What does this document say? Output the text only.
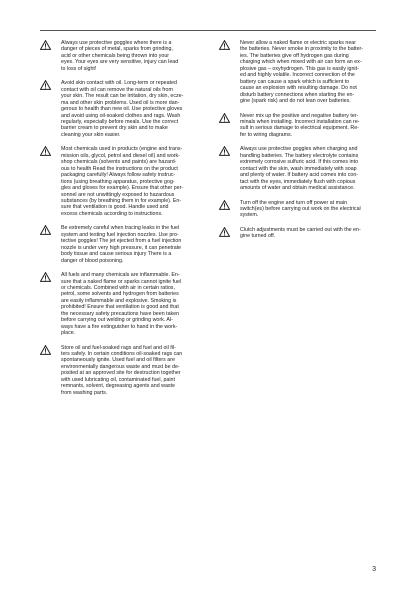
Always use protective goggles where there is a
danger of pieces of metal, sparks from grinding,
acid or other chemicals being thrown into your
eyes. Your eyes are very sensitive, injury can lead
to loss of sight!
Avoid skin contact with oil. Long-term or repeated
contact with oil can remove the natural oils from
your skin. The result can be irritation, dry skin, ecze-
ma and other skin problems. Used oil is more dan-
gerous to health than new oil. Use protective gloves
and avoid using oil-soaked clothes and rags. Wash
regularly, especially before meals. Use the correct
barrier cream to prevent dry skin and to make
cleaning your skin easier.
Most chemicals used in products (engine and trans-
mission oils, glycol, petrol and diesel oil) and work-
shop chemicals (solvents and paints) are hazard-
ous to health Read the instructions on the product
packaging carefully! Always follow safety instruc-
tions (using breathing apparatus, protective gog-
gles and gloves for example). Ensure that other per-
sonnel are not unwittingly exposed to hazardous
substances (by breathing them in for example). En-
sure that ventilation is good. Handle used and
excess chemicals according to instructions.
Be extremely careful when tracing leaks in the fuel
system and testing fuel injection nozzles. Use pro-
tective goggles! The jet ejected from a fuel injection
nozzle is under very high pressure, it can penetrate
body tissue and cause serious injury There is a
danger of blood poisoning.
All fuels and many chemicals are inflammable. En-
sure that a naked flame or sparks cannot ignite fuel
or chemicals. Combined with air in certain ratios,
petrol, some solvents and hydrogen from batteries
are easily inflammable and explosive. Smoking is
prohibited! Ensure that ventilation is good and that
the necessary safety precautions have been taken
before carrying out welding or grinding work. Al-
ways have a fire extinguisher to hand in the work-
place.
Store oil and fuel-soaked rags and fuel and oil fil-
ters safely. In certain conditions oil-soaked rags can
spontaneously ignite. Used fuel and oil filters are
environmentally dangerous waste and must be de-
posited at an approved site for destruction together
with used lubricating oil, contaminated fuel, paint
remnants, solvent, degreasing agents and waste
from washing parts.
Never allow a naked flame or electric sparks near
the batteries. Never smoke in proximity to the batter-
ies. The batteries give off hydrogen gas during
charging which when mixed with air can form an ex-
plosive gas – oxyhydrogen. This gas is easily ignit-
ed and highly volatile. Incorrect connection of the
battery can cause a spark which is sufficient to
cause an explosion with resulting damage. Do not
disturb battery connections when starting the en-
gine (spark risk) and do not lean over batteries.
Never mix up the positive and negative battery ter-
minals when installing. Incorrect installation can re-
sult in serious damage to electrical equipment. Re-
fer to wiring diagrams.
Always use protective goggles when charging and
handling batteries. The battery electrolyte contains
extremely corrosive sulfuric acid. If this comes into
contact with the skin, wash immediately with soap
and plenty of water. If battery acid comes into con-
tact with the eyes, immediately flush with copious
amounts of water and obtain medical assistance.
Turn off the engine and turn off power at main
switch(es) before carrying out work on the electrical
system.
Clutch adjustments must be carried out with the en-
gine turned off.
3
